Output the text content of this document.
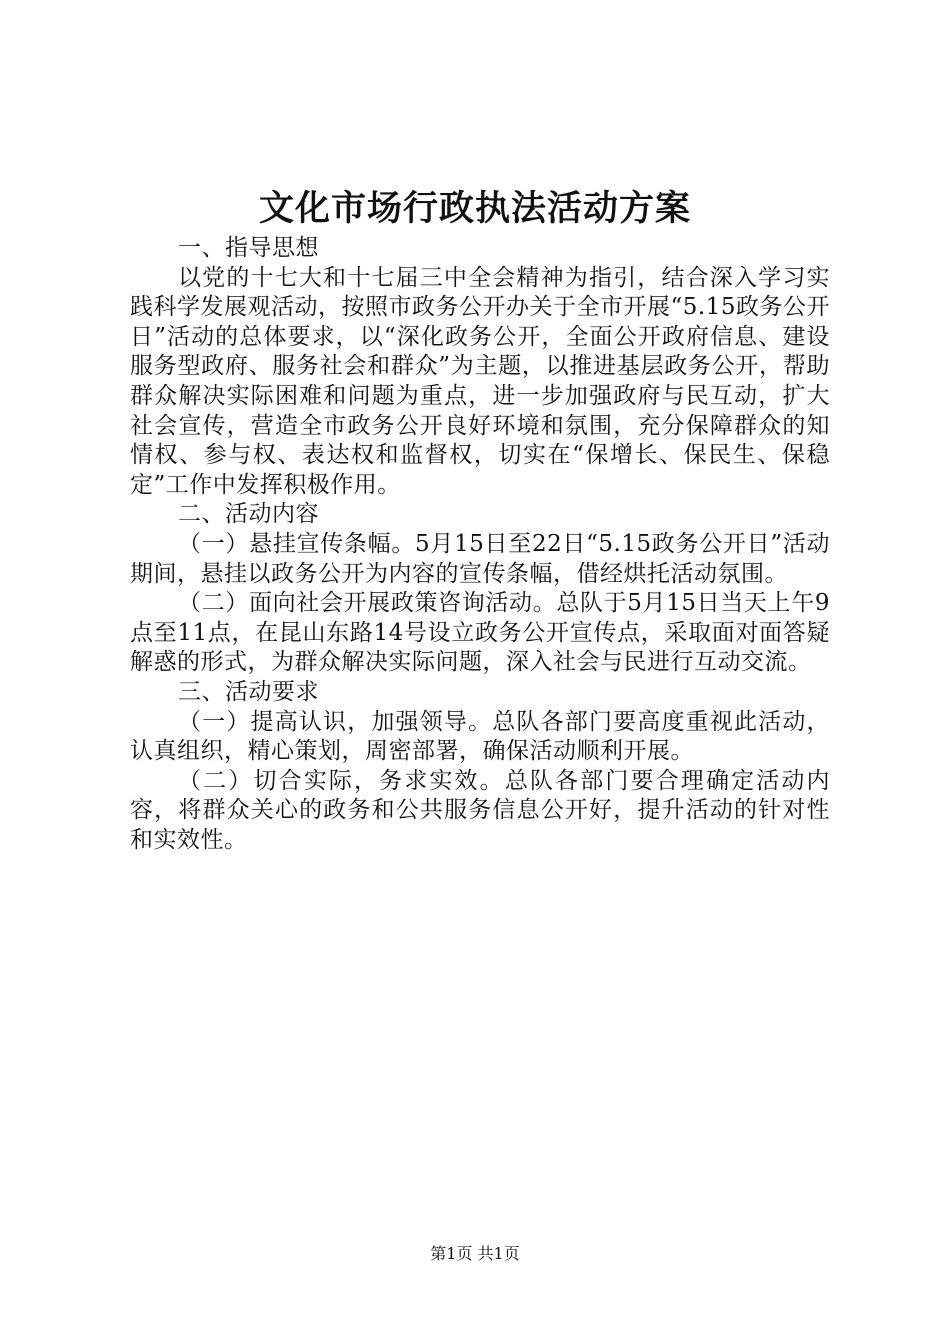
文化市场行政执法活动方案

一、指导思想

以党的十七大和十七届三中全会精神为指引，结合深入学习实践科学发展观活动，按照市政务公开办关于全市开展“5.15政务公开日”活动的总体要求，以“深化政务公开，全面公开政府信息、建设服务型政府、服务社会和群众”为主题，以推进基层政务公开，帮助群众解决实际困难和问题为重点，进一步加强政府与民互动，扩大社会宣传，营造全市政务公开良好环境和氛围，充分保障群众的知情权、参与权、表达权和监督权，切实在“保增长、保民生、保稳定”工作中发挥积极作用。

二、活动内容

（一）悬挂宣传条幅。5月15日至22日“5.15政务公开日”活动期间，悬挂以政务公开为内容的宣传条幅，借经烘托活动氛围。

（二）面向社会开展政策咨询活动。总队于5月15日当天上午9点至11点，在昆山东路14号设立政务公开宣传点，采取面对面答疑解惑的形式，为群众解决实际问题，深入社会与民进行互动交流。

三、活动要求

（一）提高认识，加强领导。总队各部门要高度重视此活动，认真组织，精心策划，周密部署，确保活动顺利开展。

（二）切合实际，务求实效。总队各部门要合理确定活动内容，将群众关心的政务和公共服务信息公开好，提升活动的针对性和实效性。

第1页 共1页
